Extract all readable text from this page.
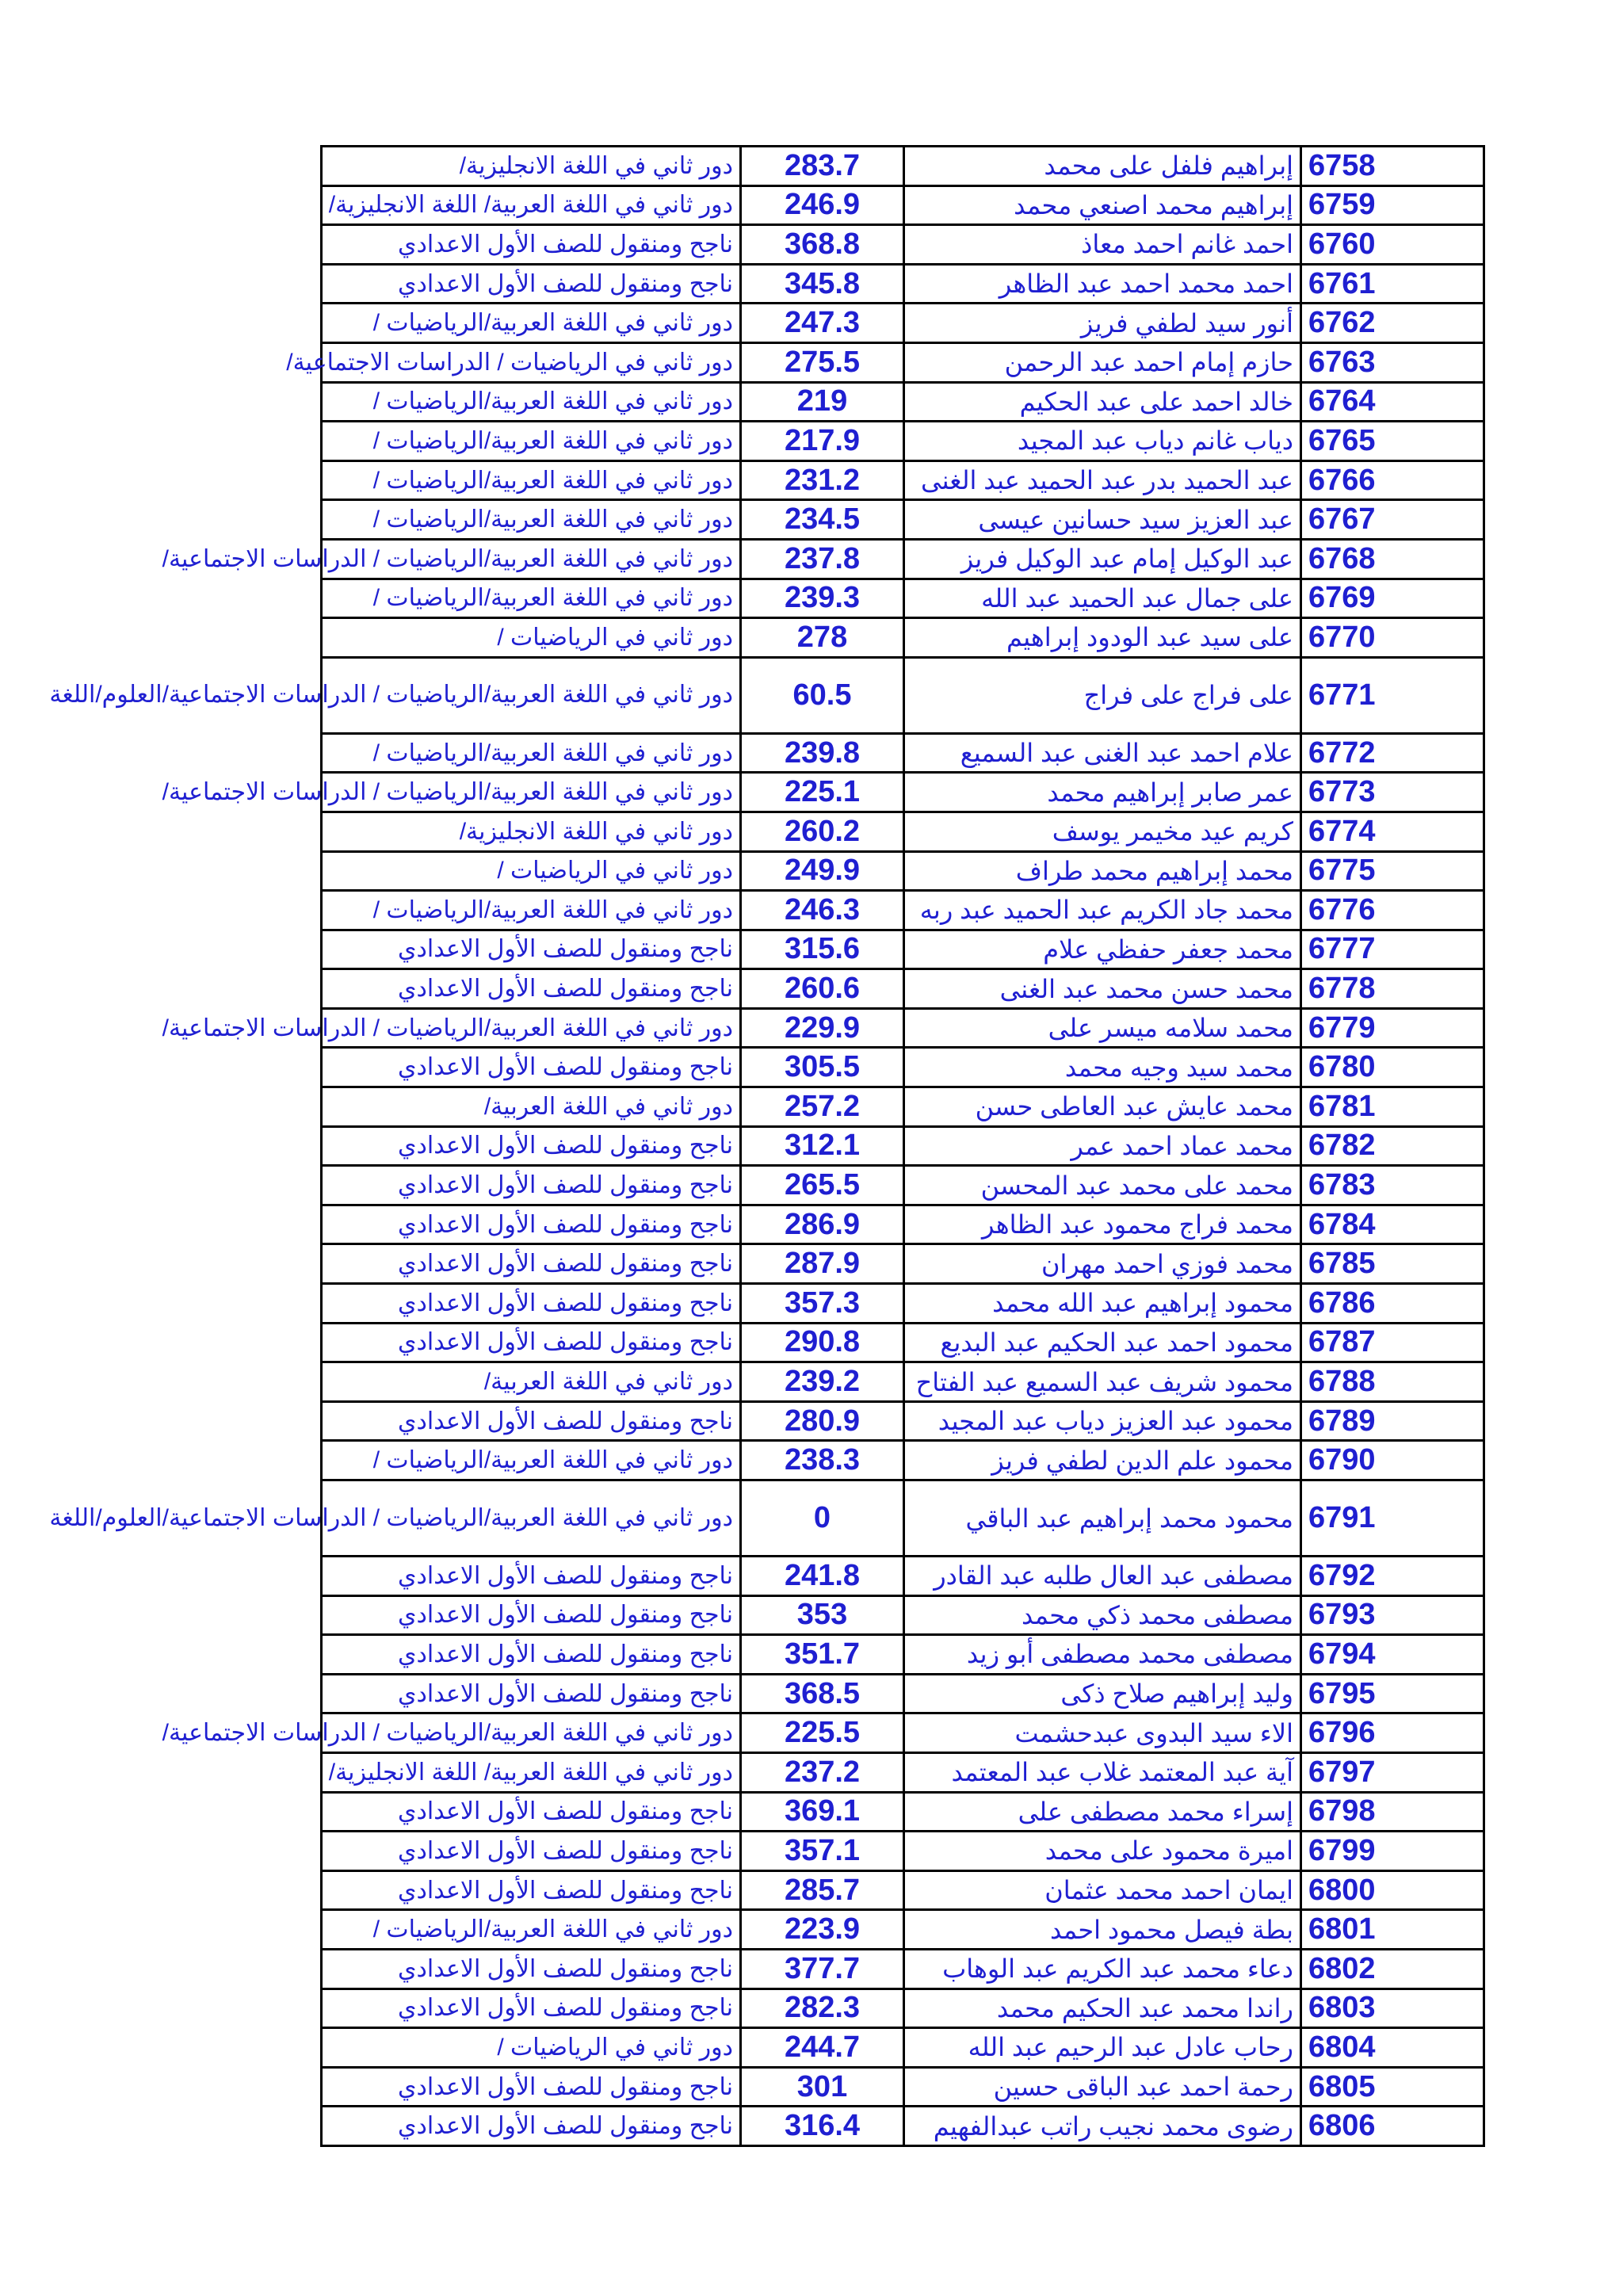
6758	إبراهيم فلفل على محمد	283.7	دور ثاني في اللغة الانجليزية/
6759	إبراهيم محمد اصنعي محمد	246.9	دور ثاني في اللغة العربية/ اللغة الانجليزية/
6760	احمد غانم احمد معاذ	368.8	ناجح ومنقول للصف الأول الاعدادي
6761	احمد محمد احمد عبد الظاهر	345.8	ناجح ومنقول للصف الأول الاعدادي
6762	أنور سيد لطفي فريز	247.3	دور ثاني في اللغة العربية/الرياضيات /
6763	حازم إمام احمد عبد الرحمن	275.5	دور ثاني في الرياضيات / الدراسات الاجتماعية/
6764	خالد احمد على عبد الحكيم	219	دور ثاني في اللغة العربية/الرياضيات /
6765	دياب غانم دياب عبد المجيد	217.9	دور ثاني في اللغة العربية/الرياضيات /
6766	عبد الحميد بدر عبد الحميد عبد الغنى	231.2	دور ثاني في اللغة العربية/الرياضيات /
6767	عبد العزيز سيد حسانين عيسى	234.5	دور ثاني في اللغة العربية/الرياضيات /
6768	عبد الوكيل إمام عبد الوكيل فريز	237.8	دور ثاني في اللغة العربية/الرياضيات / الدراسات الاجتماعية/
6769	على جمال عبد الحميد عبد الله	239.3	دور ثاني في اللغة العربية/الرياضيات /
6770	على سيد عبد الودود إبراهيم	278	دور ثاني في الرياضيات /
6771	على فراج على فراج	60.5	دور ثاني في اللغة العربية/الرياضيات / الدراسات الاجتماعية/العلوم/اللغة
6772	علام احمد عبد الغنى عبد السميع	239.8	دور ثاني في اللغة العربية/الرياضيات /
6773	عمر صابر إبراهيم محمد	225.1	دور ثاني في اللغة العربية/الرياضيات / الدراسات الاجتماعية/
6774	كريم عيد مخيمر يوسف	260.2	دور ثاني في اللغة الانجليزية/
6775	محمد إبراهيم محمد طراف	249.9	دور ثاني في الرياضيات /
6776	محمد جاد الكريم عبد الحميد عبد ربه	246.3	دور ثاني في اللغة العربية/الرياضيات /
6777	محمد جعفر حفظي علام	315.6	ناجح ومنقول للصف الأول الاعدادي
6778	محمد حسن محمد عبد الغنى	260.6	ناجح ومنقول للصف الأول الاعدادي
6779	محمد سلامه ميسر على	229.9	دور ثاني في اللغة العربية/الرياضيات / الدراسات الاجتماعية/
6780	محمد سيد وجيه محمد	305.5	ناجح ومنقول للصف الأول الاعدادي
6781	محمد عايش عبد العاطى حسن	257.2	دور ثاني في اللغة العربية/
6782	محمد عماد احمد عمر	312.1	ناجح ومنقول للصف الأول الاعدادي
6783	محمد على محمد عبد المحسن	265.5	ناجح ومنقول للصف الأول الاعدادي
6784	محمد فراج محمود عبد الظاهر	286.9	ناجح ومنقول للصف الأول الاعدادي
6785	محمد فوزي احمد مهران	287.9	ناجح ومنقول للصف الأول الاعدادي
6786	محمود إبراهيم عبد الله محمد	357.3	ناجح ومنقول للصف الأول الاعدادي
6787	محمود احمد عبد الحكيم عبد البديع	290.8	ناجح ومنقول للصف الأول الاعدادي
6788	محمود شريف عبد السميع عبد الفتاح	239.2	دور ثاني في اللغة العربية/
6789	محمود عبد العزيز دياب عبد المجيد	280.9	ناجح ومنقول للصف الأول الاعدادي
6790	محمود علم الدين لطفي فريز	238.3	دور ثاني في اللغة العربية/الرياضيات /
6791	محمود محمد إبراهيم عبد الباقي	0	دور ثاني في اللغة العربية/الرياضيات / الدراسات الاجتماعية/العلوم/اللغة
6792	مصطفى عبد العال طلبه عبد القادر	241.8	ناجح ومنقول للصف الأول الاعدادي
6793	مصطفى محمد ذكي محمد	353	ناجح ومنقول للصف الأول الاعدادي
6794	مصطفى محمد مصطفى أبو زيد	351.7	ناجح ومنقول للصف الأول الاعدادي
6795	وليد إبراهيم صلاح ذكى	368.5	ناجح ومنقول للصف الأول الاعدادي
6796	الاء سيد البدوى عبدحشمت	225.5	دور ثاني في اللغة العربية/الرياضيات / الدراسات الاجتماعية/
6797	آية عبد المعتمد غلاب عبد المعتمد	237.2	دور ثاني في اللغة العربية/ اللغة الانجليزية/
6798	إسراء محمد مصطفى على	369.1	ناجح ومنقول للصف الأول الاعدادي
6799	اميرة محمود على محمد	357.1	ناجح ومنقول للصف الأول الاعدادي
6800	ايمان احمد محمد عثمان	285.7	ناجح ومنقول للصف الأول الاعدادي
6801	بطة فيصل محمود احمد	223.9	دور ثاني في اللغة العربية/الرياضيات /
6802	دعاء محمد عبد الكريم عبد الوهاب	377.7	ناجح ومنقول للصف الأول الاعدادي
6803	راندا محمد عبد الحكيم محمد	282.3	ناجح ومنقول للصف الأول الاعدادي
6804	رحاب عادل عبد الرحيم عبد الله	244.7	دور ثاني في الرياضيات /
6805	رحمة احمد عبد الباقى حسين	301	ناجح ومنقول للصف الأول الاعدادي
6806	رضوى محمد نجيب راتب عبدالفهيم	316.4	ناجح ومنقول للصف الأول الاعدادي
